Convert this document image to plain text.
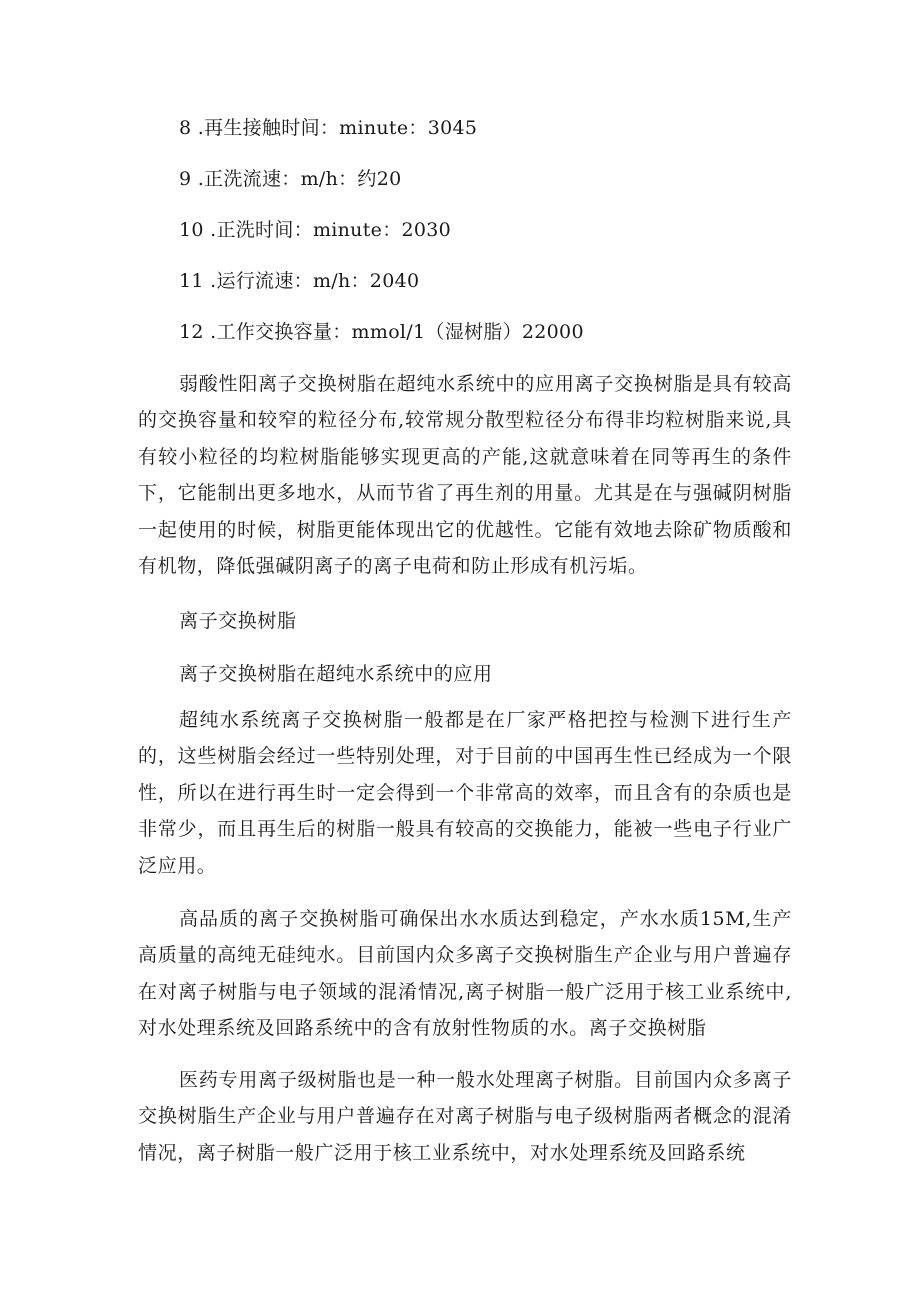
8 .再生接触时间：minute：3045
9 .正洗流速：m/h：约20
10 .正洗时间：minute：2030
11 .运行流速：m/h：2040
12 .工作交换容量：mmol/1（湿树脂）22000

弱酸性阳离子交换树脂在超纯水系统中的应用离子交换树脂是具有较高的交换容量和较窄的粒径分布,较常规分散型粒径分布得非均粒树脂来说,具有较小粒径的均粒树脂能够实现更高的产能,这就意味着在同等再生的条件下，它能制出更多地水，从而节省了再生剂的用量。尤其是在与强碱阴树脂一起使用的时候，树脂更能体现出它的优越性。它能有效地去除矿物质酸和有机物，降低强碱阴离子的离子电荷和防止形成有机污垢。

离子交换树脂
离子交换树脂在超纯水系统中的应用

超纯水系统离子交换树脂一般都是在厂家严格把控与检测下进行生产的，这些树脂会经过一些特别处理，对于目前的中国再生性已经成为一个限性，所以在进行再生时一定会得到一个非常高的效率，而且含有的杂质也是非常少，而且再生后的树脂一般具有较高的交换能力，能被一些电子行业广泛应用。

高品质的离子交换树脂可确保出水水质达到稳定，产水水质15M,生产高质量的高纯无硅纯水。目前国内众多离子交换树脂生产企业与用户普遍存在对离子树脂与电子领域的混淆情况,离子树脂一般广泛用于核工业系统中,对水处理系统及回路系统中的含有放射性物质的水。离子交换树脂

医药专用离子级树脂也是一种一般水处理离子树脂。目前国内众多离子交换树脂生产企业与用户普遍存在对离子树脂与电子级树脂两者概念的混淆情况，离子树脂一般广泛用于核工业系统中，对水处理系统及回路系统
